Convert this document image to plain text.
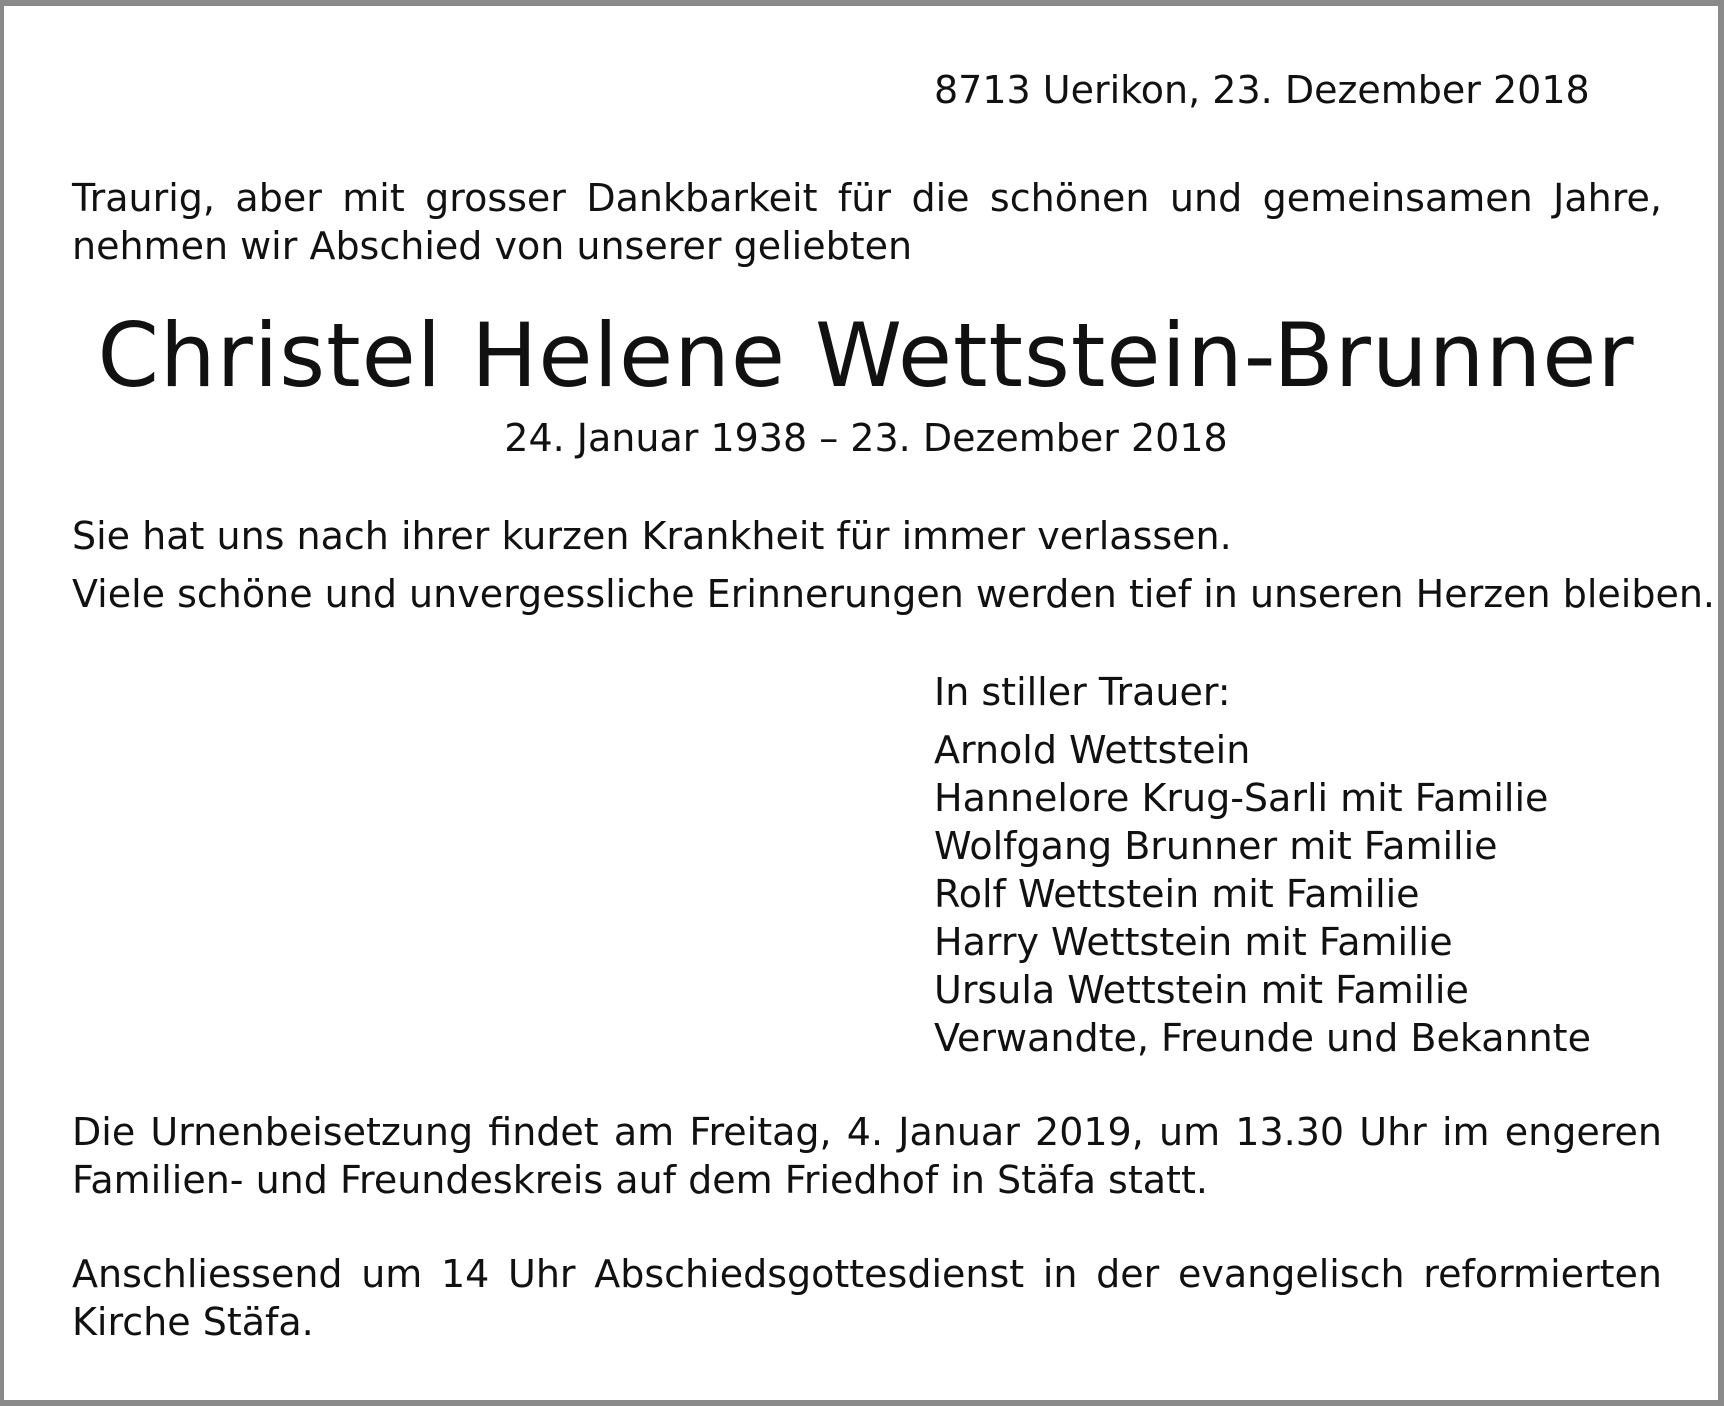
8713 Uerikon, 23. Dezember 2018

Traurig, aber mit grosser Dankbarkeit für die schönen und gemeinsamen Jahre, nehmen wir Abschied von unserer geliebten

Christel Helene Wettstein-Brunner

24. Januar 1938 – 23. Dezember 2018

Sie hat uns nach ihrer kurzen Krankheit für immer verlassen.

Viele schöne und unvergessliche Erinnerungen werden tief in unseren Herzen bleiben.

In stiller Trauer:

Arnold Wettstein
Hannelore Krug-Sarli mit Familie
Wolfgang Brunner mit Familie
Rolf Wettstein mit Familie
Harry Wettstein mit Familie
Ursula Wettstein mit Familie
Verwandte, Freunde und Bekannte

Die Urnenbeisetzung findet am Freitag, 4. Januar 2019, um 13.30 Uhr im engeren Familien- und Freundeskreis auf dem Friedhof in Stäfa statt.

Anschliessend um 14 Uhr Abschiedsgottesdienst in der evangelisch reformierten Kirche Stäfa.
